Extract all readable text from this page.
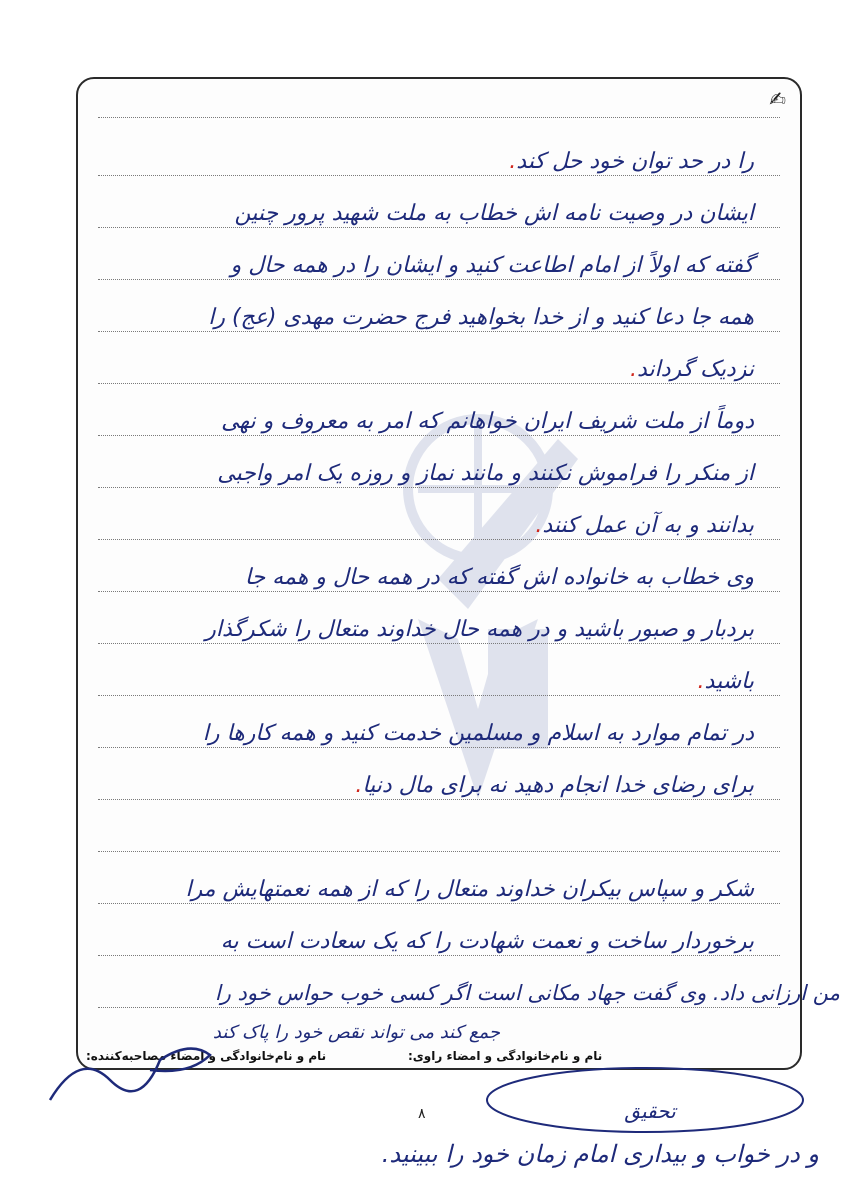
✍
را در حد توان خود حل کند.
ایشان در وصیت نامه اش خطاب به ملت شهید پرور چنین
گفته که اولاً از امام اطاعت کنید و ایشان را در همه حال و
همه جا دعا کنید و از خدا بخواهید فرج حضرت مهدی (عج) را
نزدیک گرداند.
دوماً از ملت شریف ایران خواهانم که امر به معروف و نهی
از منکر را فراموش نکنند و مانند نماز و روزه یک امر واجبی
بدانند و به آن عمل کنند.
وی خطاب به خانواده اش گفته که در همه حال و همه جا
بردبار و صبور باشید و در همه حال خداوند متعال را شکرگذار
باشید.
در تمام موارد به اسلام و مسلمین خدمت کنید و همه کارها را
برای رضای خدا انجام دهید نه برای مال دنیا.
شکر و سپاس بیکران خداوند متعال را که از همه نعمتهایش مرا
برخوردار ساخت و نعمت شهادت را که یک سعادت است به
من ارزانی داد. وی گفت جهاد مکانی است اگر کسی خوب حواس خود را
جمع کند می تواند نقص خود را پاک کند
نام و نام‌خانوادگی و امضاء مصاحبه‌کننده:	نام و نام‌خانوادگی و امضاء راوی:
تحقیق
۸
و در خواب و بیداری امام زمان خود را ببینید.
